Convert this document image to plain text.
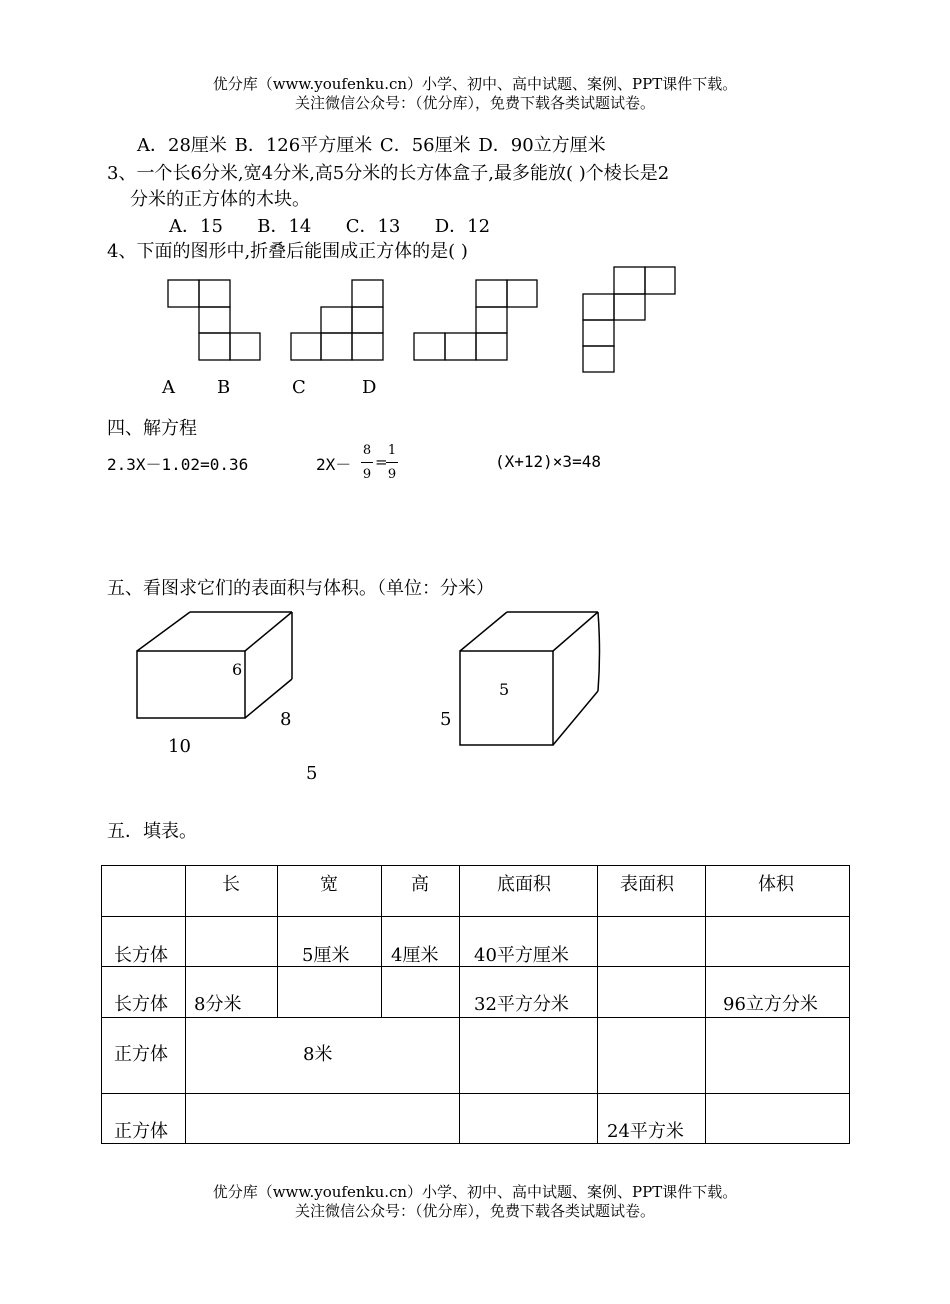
优分库（www.youfenku.cn）小学、初中、高中试题、案例、PPT课件下载。
关注微信公众号：（优分库），免费下载各类试题试卷。
A．28厘米 B．126平方厘米 C．56厘米 D．90立方厘米
3、一个长6分米,宽4分米,高5分米的长方体盒子,最多能放( )个棱长是2
分米的正方体的木块。
A．15      B．14      C．13      D．12
4、下面的图形中,折叠后能围成正方体的是( )
A B	C	D
四、解方程
2.3X－1.02=0.36	2X－
8
9
=
1
9
(X+12)×3=48
五、看图求它们的表面积与体积。（单位：分米）
6
8
10
5
5
5
五．填表。

	长	宽	高	底面积	表面积	体积

长方体		5厘米	4厘米	40平方厘米		

长方体	8分米			32平方分米		96立方分米

正方体	8米					

正方体					24平方米	

优分库（www.youfenku.cn）小学、初中、高中试题、案例、PPT课件下载。
关注微信公众号：（优分库），免费下载各类试题试卷。
